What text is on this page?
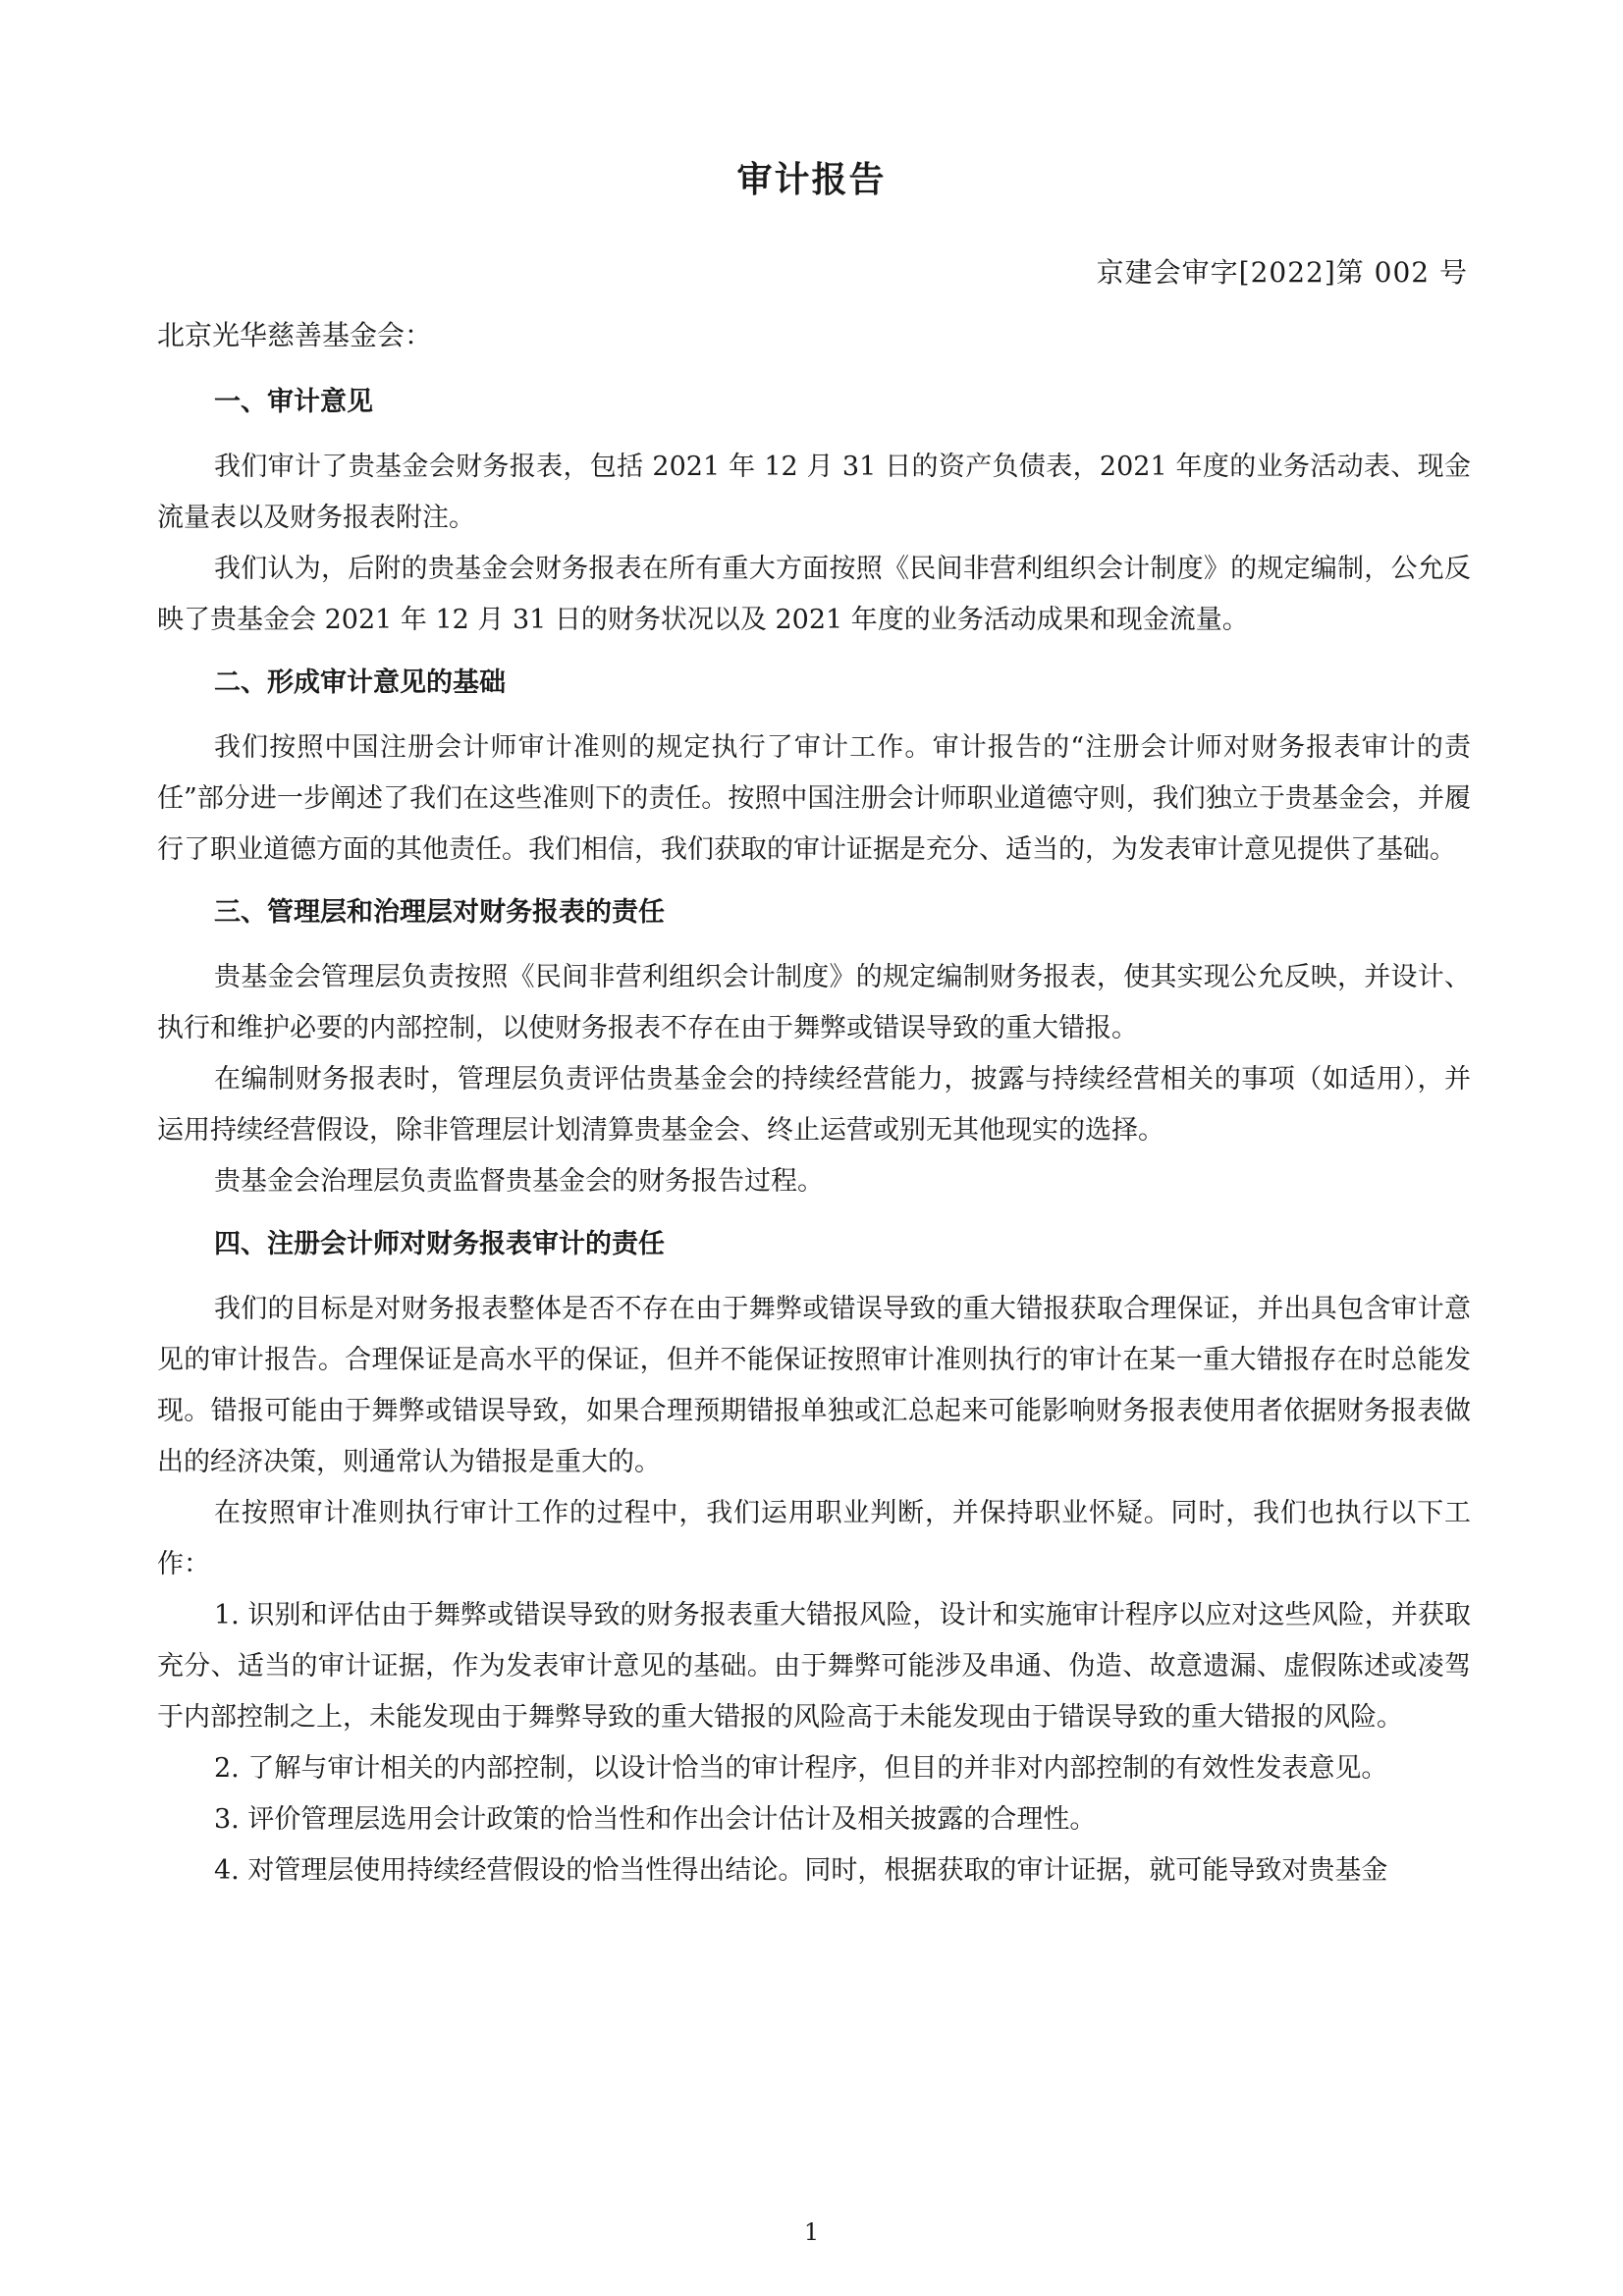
审计报告
京建会审字[2022]第 002 号
北京光华慈善基金会：
一、审计意见

我们审计了贵基金会财务报表，包括 2021 年 12 月 31 日的资产负债表，2021 年度的业务活动表、现金流量表以及财务报表附注。

我们认为，后附的贵基金会财务报表在所有重大方面按照《民间非营利组织会计制度》的规定编制，公允反映了贵基金会 2021 年 12 月 31 日的财务状况以及 2021 年度的业务活动成果和现金流量。

二、形成审计意见的基础

我们按照中国注册会计师审计准则的规定执行了审计工作。审计报告的“注册会计师对财务报表审计的责任”部分进一步阐述了我们在这些准则下的责任。按照中国注册会计师职业道德守则，我们独立于贵基金会，并履行了职业道德方面的其他责任。我们相信，我们获取的审计证据是充分、适当的，为发表审计意见提供了基础。

三、管理层和治理层对财务报表的责任

贵基金会管理层负责按照《民间非营利组织会计制度》的规定编制财务报表，使其实现公允反映，并设计、执行和维护必要的内部控制，以使财务报表不存在由于舞弊或错误导致的重大错报。

在编制财务报表时，管理层负责评估贵基金会的持续经营能力，披露与持续经营相关的事项（如适用），并运用持续经营假设，除非管理层计划清算贵基金会、终止运营或别无其他现实的选择。

贵基金会治理层负责监督贵基金会的财务报告过程。

四、注册会计师对财务报表审计的责任

我们的目标是对财务报表整体是否不存在由于舞弊或错误导致的重大错报获取合理保证，并出具包含审计意见的审计报告。合理保证是高水平的保证，但并不能保证按照审计准则执行的审计在某一重大错报存在时总能发现。错报可能由于舞弊或错误导致，如果合理预期错报单独或汇总起来可能影响财务报表使用者依据财务报表做出的经济决策，则通常认为错报是重大的。

在按照审计准则执行审计工作的过程中，我们运用职业判断，并保持职业怀疑。同时，我们也执行以下工作：

1. 识别和评估由于舞弊或错误导致的财务报表重大错报风险，设计和实施审计程序以应对这些风险，并获取充分、适当的审计证据，作为发表审计意见的基础。由于舞弊可能涉及串通、伪造、故意遗漏、虚假陈述或凌驾于内部控制之上，未能发现由于舞弊导致的重大错报的风险高于未能发现由于错误导致的重大错报的风险。

2. 了解与审计相关的内部控制，以设计恰当的审计程序，但目的并非对内部控制的有效性发表意见。

3. 评价管理层选用会计政策的恰当性和作出会计估计及相关披露的合理性。

4. 对管理层使用持续经营假设的恰当性得出结论。同时，根据获取的审计证据，就可能导致对贵基金

1
